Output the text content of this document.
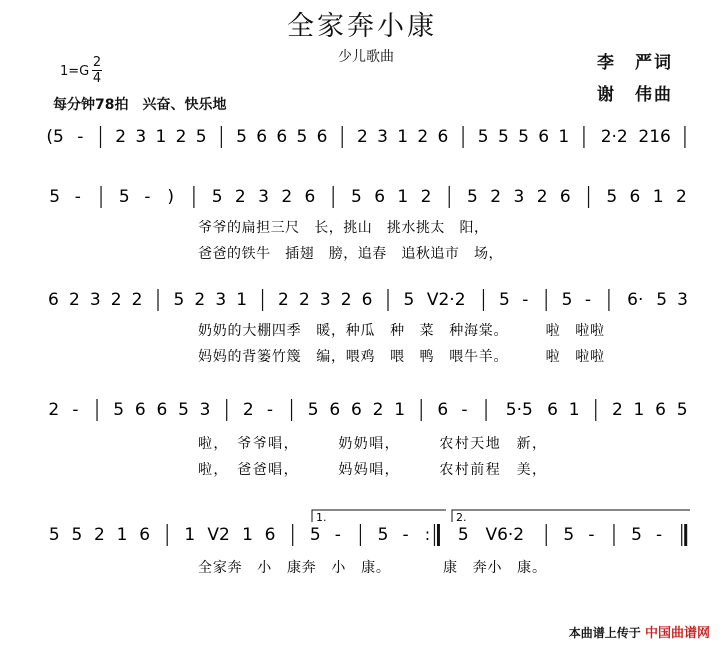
全家奔小康
少儿歌曲	李　严词
谢　伟曲
1=G
2
4
每分钟78拍　兴奋、快乐地
(5 - 2 3 1 2 5 5 6 6 5 6 2 3 1 2 6 5 5 5 6 1 2·2 216
5 - 5 - ) 5 2 3 2 6 5 6 1 2 5 2 3 2 6 5 6 1 2
爷爷的扁担三尺　长，挑山　挑水挑太　阳，
爸爸的铁牛　插翅　膀，追春　追秋追市　场，
6 2 3 2 2 5 2 3 1 2 2 3 2 6 5 V2·2 5 - 5 - 6· 5 3
奶奶的大棚四季　暖，种瓜　种　菜　种海棠。　　　啦　啦啦
妈妈的背篓竹篾　编，喂鸡　喂　鸭　喂牛羊。　　　啦　啦啦
2 - 5 6 6 5 3 2 - 5 6 6 2 1 6 - 5·5 6 1 2 1 6 5
啦，　爷爷唱，　　　奶奶唱，　　　农村天地　新，
啦，　爸爸唱，　　　妈妈唱，　　　农村前程　美，
5 5 2 1 6 1 V2 1 6 5 - 5 - : 5 V6·2 5 - 5 -
全家奔　小　康奔　小　康。　　　　康　奔小　康。
1.	2.
本曲谱上传于 中国曲谱网
